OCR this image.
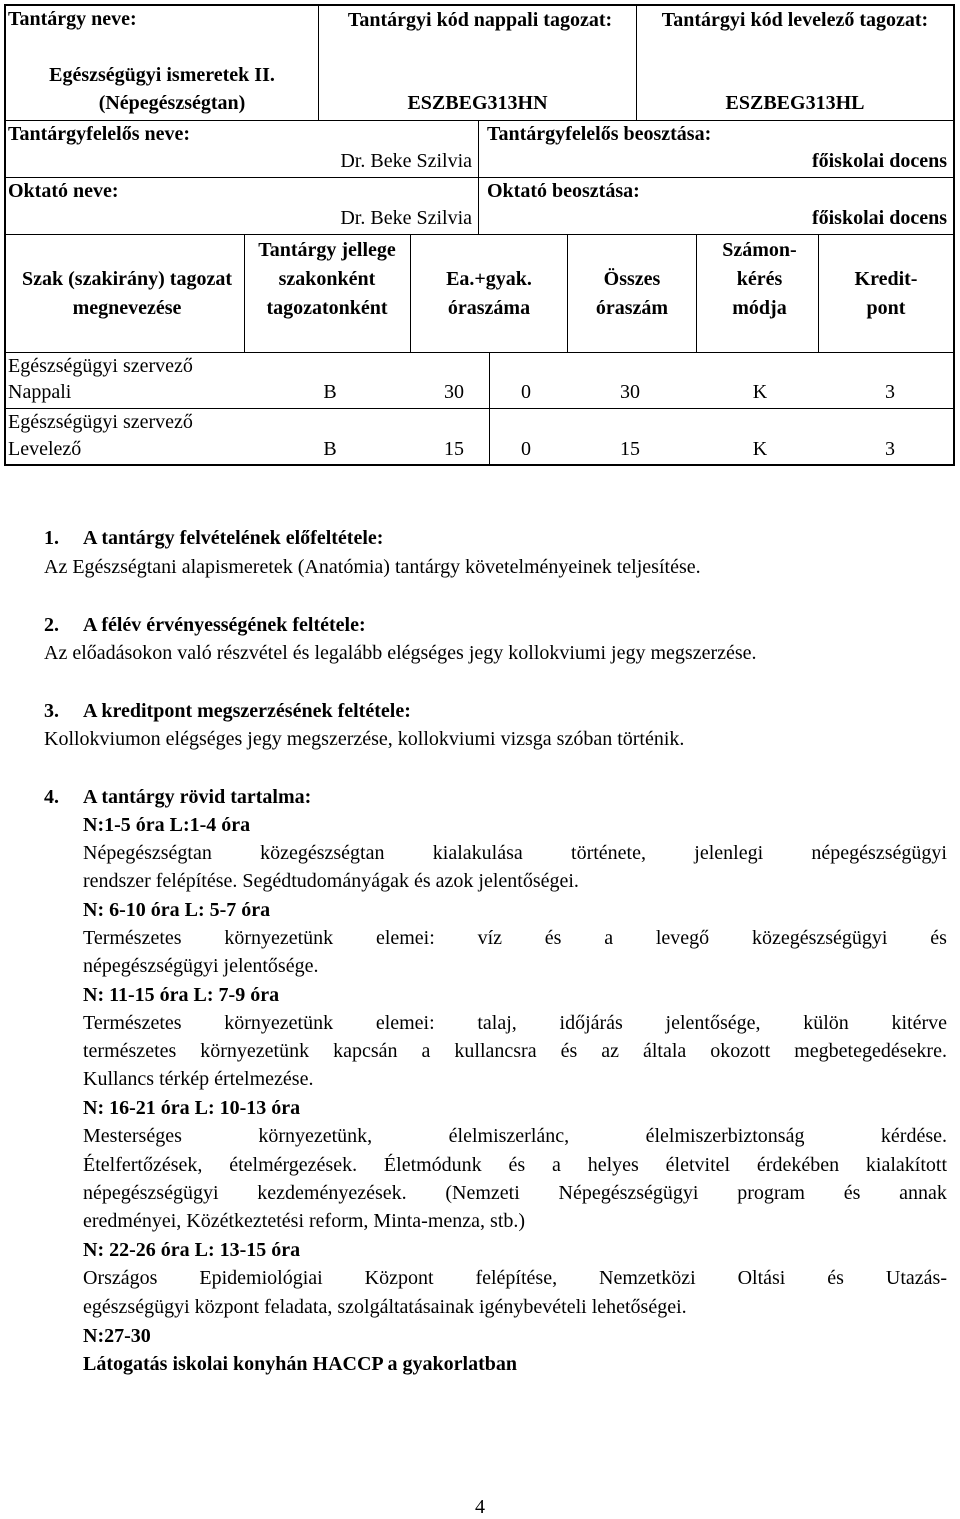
Tantárgy neve:
Egészségügyi ismeretek II.
(Népegészségtan)
Tantárgyi kód nappali tagozat:
ESZBEG313HN
Tantárgyi kód levelező tagozat:
ESZBEG313HL
Tantárgyfelelős neve:
Dr. Beke Szilvia
Tantárgyfelelős beosztása:
főiskolai docens
Oktató neve:
Dr. Beke Szilvia
Oktató beosztása:
főiskolai docens
Szak (szakirány) tagozat megnevezése
Tantárgy jellege szakonként tagozatonként
Ea.+gyak. óraszáma
Összes óraszám
Számon-kérés módja
Kredit-pont
Egészségügyi szervező
Nappali	B	30	0	30	K	3
Egészségügyi szervező
Levelező	B	15	0	15	K	3
1. A tantárgy felvételének előfeltétele:
Az Egészségtani alapismeretek (Anatómia) tantárgy követelményeinek teljesítése.
2. A félév érvényességének feltétele:
Az előadásokon való részvétel és legalább elégséges jegy kollokviumi jegy megszerzése.
3. A kreditpont megszerzésének feltétele:
Kollokviumon elégséges jegy megszerzése, kollokviumi vizsga szóban történik.
4. A tantárgy rövid tartalma:
N:1-5 óra L:1-4 óra
Népegészségtan közegészségtan kialakulása története, jelenlegi népegészségügyi
rendszer felépítése. Segédtudományágak és azok jelentőségei.
N: 6-10 óra L: 5-7 óra
Természetes környezetünk elemei: víz és a levegő közegészségügyi és
népegészségügyi jelentősége.
N: 11-15 óra L: 7-9 óra
Természetes környezetünk elemei: talaj, időjárás jelentősége, külön kitérve
természetes környezetünk kapcsán a kullancsra és az általa okozott megbetegedésekre.
Kullancs térkép értelmezése.
N: 16-21 óra L: 10-13 óra
Mesterséges	környezetünk,	élelmiszerlánc,	élelmiszerbiztonság	kérdése.
Ételfertőzések, ételmérgezések. Életmódunk és a helyes életvitel érdekében kialakított
népegészségügyi kezdeményezések. (Nemzeti Népegészségügyi program és annak
eredményei, Közétkeztetési reform, Minta-menza, stb.)
N: 22-26 óra L: 13-15 óra
Országos Epidemiológiai Központ felépítése, Nemzetközi Oltási és Utazás-
egészségügyi központ feladata, szolgáltatásainak igénybevételi lehetőségei.
N:27-30
Látogatás iskolai konyhán HACCP a gyakorlatban
4
